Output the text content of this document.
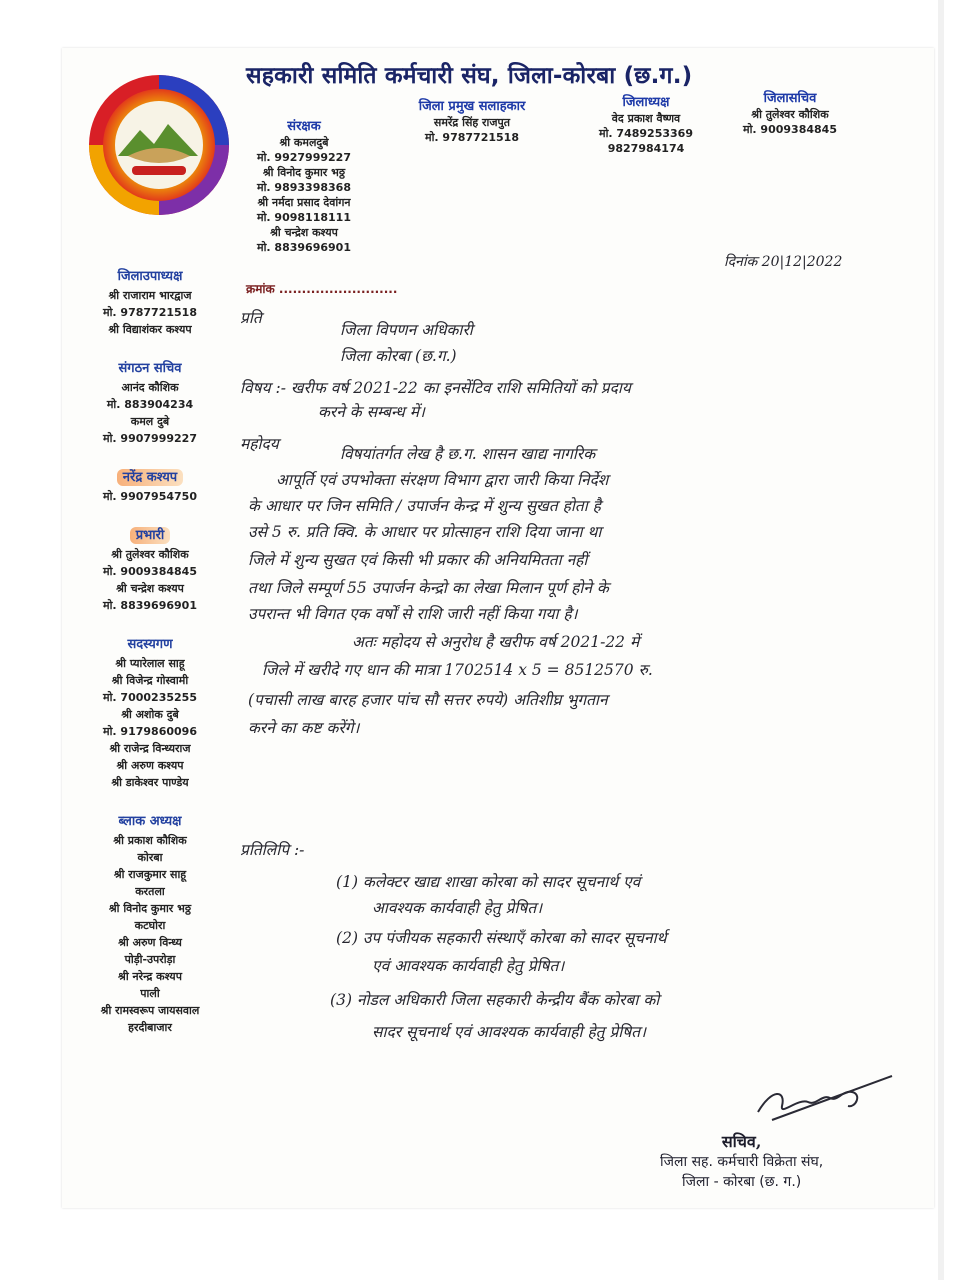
सहकारी समिति कर्मचारी संघ, जिला-कोरबा (छ.ग.)
संरक्षक
श्री कमलदुबे
मो. 9927999227
श्री विनोद कुमार भठ्ठ
मो. 9893398368
श्री नर्मदा प्रसाद देवांगन
मो. 9098118111
श्री चन्द्रेश कश्यप
मो. 8839696901
जिला प्रमुख सलाहकार
समरेंद्र सिंह राजपुत
मो. 9787721518
जिलाध्यक्ष
वेद प्रकाश वैष्णव
मो. 7489253369
9827984174
जिलासचिव
श्री तुलेश्वर कौशिक
मो. 9009384845
जिलाउपाध्यक्ष
श्री राजाराम भारद्वाज
मो. 9787721518
श्री विद्याशंकर कश्यप
संगठन सचिव
आनंद कौशिक
मो. 883904234
कमल दुबे
मो. 9907999227
नरेंद्र कश्यप
मो. 9907954750
प्रभारी
श्री तुलेश्वर कौशिक
मो. 9009384845
श्री चन्द्रेश कश्यप
मो. 8839696901
सदस्यगण
श्री प्यारेलाल साहू
श्री विजेन्द्र गोस्वामी
मो. 7000235255
श्री अशोक दुबे
मो. 9179860096
श्री राजेन्द्र विन्ध्यराज
श्री अरुण कश्यप
श्री डाकेश्वर पाण्डेय
ब्लाक अध्यक्ष
श्री प्रकाश कौशिक
कोरबा
श्री राजकुमार साहू
करतला
श्री विनोद कुमार भठ्ठ
कटघोरा
श्री अरुण विन्ध्य
पोड़ी-उपरोड़ा
श्री नरेन्द्र कश्यप
पाली
श्री रामस्वरूप जायसवाल
हरदीबाजार
दिनांक 20|12|2022
क्रमांक ..........................
प्रति
जिला विपणन अधिकारी
जिला कोरबा (छ.ग.)
विषय :- खरीफ वर्ष 2021-22 का इनसेंटिव राशि समितियों को प्रदाय
करने के सम्बन्ध में।
महोदय
विषयांतर्गत लेख है छ.ग. शासन खाद्य नागरिक
आपूर्ति एवं उपभोक्ता संरक्षण विभाग द्वारा जारी किया निर्देश
के आधार पर जिन समिति / उपार्जन केन्द्र में शुन्य सुखत होता है
उसे 5 रु. प्रति क्वि. के आधार पर प्रोत्साहन राशि दिया जाना था
जिले में शुन्य सुखत एवं किसी भी प्रकार की अनियमितता नहीं
तथा जिले सम्पूर्ण 55 उपार्जन केन्द्रो का लेखा मिलान पूर्ण होने के
उपरान्त भी विगत एक वर्षों से राशि जारी नहीं किया गया है।
अतः महोदय से अनुरोध है खरीफ वर्ष 2021-22 में
जिले में खरीदे गए धान की मात्रा 1702514 x 5 = 8512570 रु.
(पचासी लाख बारह हजार पांच सौ सत्तर रुपये) अतिशीघ्र भुगतान
करने का कष्ट करेंगे।
प्रतिलिपि :-
(1) कलेक्टर खाद्य शाखा कोरबा को सादर सूचनार्थ एवं
आवश्यक कार्यवाही हेतु प्रेषित।
(2) उप पंजीयक सहकारी संस्थाएँ कोरबा को सादर सूचनार्थ
एवं आवश्यक कार्यवाही हेतु प्रेषित।
(3) नोडल अधिकारी जिला सहकारी केन्द्रीय बैंक कोरबा को
सादर सूचनार्थ एवं आवश्यक कार्यवाही हेतु प्रेषित।
सचिव,
जिला सह. कर्मचारी विक्रेता संघ,
जिला - कोरबा (छ. ग.)
